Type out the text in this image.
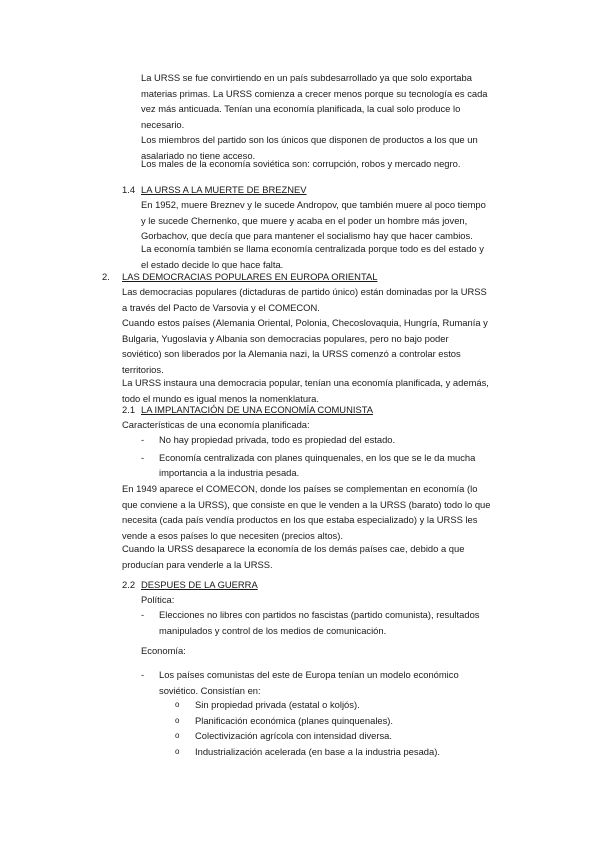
La URSS se fue convirtiendo en un país subdesarrollado ya que solo exportaba
materias primas. La URSS comienza a crecer menos porque su tecnología es cada
vez más anticuada. Tenían una economía planificada, la cual solo produce lo
necesario.
Los miembros del partido son los únicos que disponen de productos a los que un
asalariado no tiene acceso.
Los males de la economía soviética son: corrupción, robos y mercado negro.

1.4 LA URSS A LA MUERTE DE BREZNEV

En 1952, muere Breznev y le sucede Andropov, que también muere al poco tiempo
y le sucede Chernenko, que muere y acaba en el poder un hombre más joven,
Gorbachov, que decía que para mantener el socialismo hay que hacer cambios.
La economía también se llama economía centralizada porque todo es del estado y
el estado decide lo que hace falta.

2. LAS DEMOCRACIAS POPULARES EN EUROPA ORIENTAL

Las democracias populares (dictaduras de partido único) están dominadas por la URSS
a través del Pacto de Varsovia y el COMECON.
Cuando estos países (Alemania Oriental, Polonia, Checoslovaquia, Hungría, Rumanía y
Bulgaria, Yugoslavia y Albania son democracias populares, pero no bajo poder
soviético) son liberados por la Alemania nazi, la URSS comenzó a controlar estos
territorios.
La URSS instaura una democracia popular, tenían una economía planificada, y además,
todo el mundo es igual menos la nomenklatura.

2.1 LA IMPLANTACIÓN DE UNA ECONOMÍA COMUNISTA

Características de una economía planificada:

- No hay propiedad privada, todo es propiedad del estado.
- Economía centralizada con planes quinquenales, en los que se le da mucha
importancia a la industria pesada.
En 1949 aparece el COMECON, donde los países se complementan en economía (lo
que conviene a la URSS), que consiste en que le venden a la URSS (barato) todo lo que
necesita (cada país vendía productos en los que estaba especializado) y la URSS les
vende a esos países lo que necesiten (precios altos).
Cuando la URSS desaparece la economía de los demás países cae, debido a que
producían para venderle a la URSS.

2.2 DESPUES DE LA GUERRA

Política:

- Elecciones no libres con partidos no fascistas (partido comunista), resultados
manipulados y control de los medios de comunicación.

Economía:

- Los países comunistas del este de Europa tenían un modelo económico
soviético. Consistían en:
o Sin propiedad privada (estatal o koljós).
o Planificación económica (planes quinquenales).
o Colectivización agrícola con intensidad diversa.
o Industrialización acelerada (en base a la industria pesada).
